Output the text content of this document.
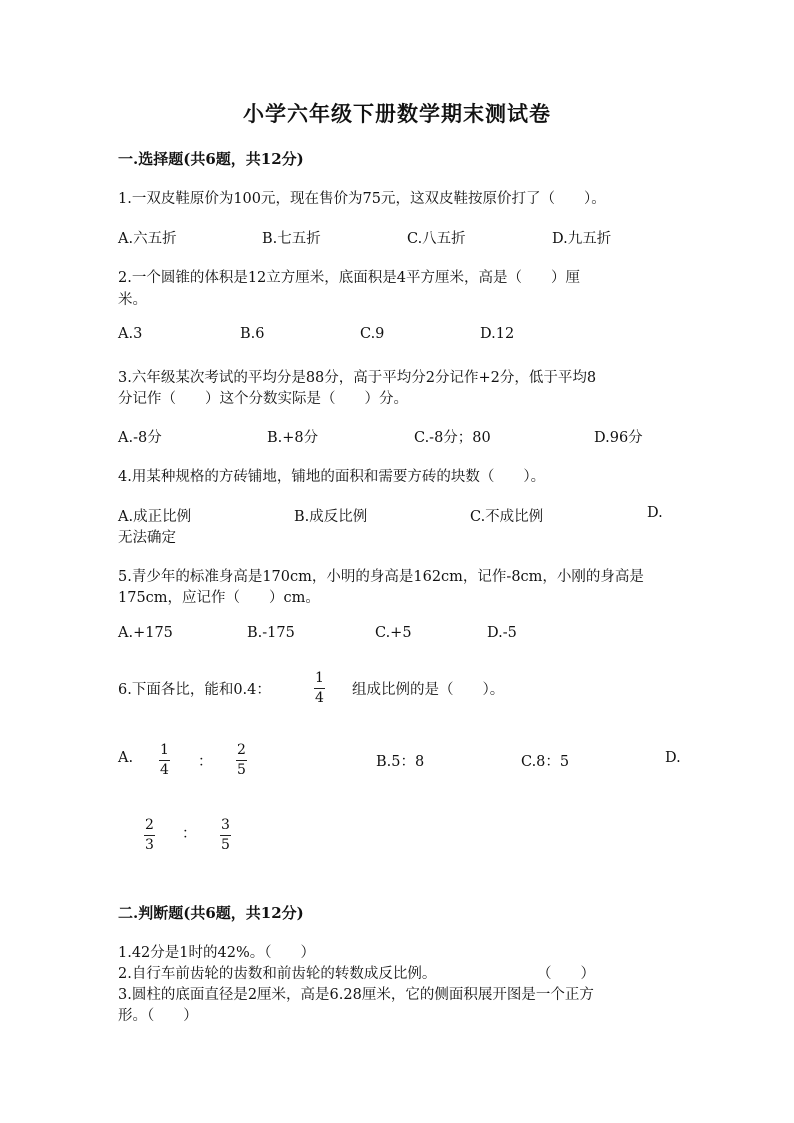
小学六年级下册数学期末测试卷
一.选择题(共6题，共12分)
1.一双皮鞋原价为100元，现在售价为75元，这双皮鞋按原价打了（　　）。
A.六五折	B.七五折	C.八五折	D.九五折
2.一个圆锥的体积是12立方厘米，底面积是4平方厘米，高是（　　）厘
米。
A.3	B.6	C.9	D.12
3.六年级某次考试的平均分是88分，高于平均分2分记作+2分，低于平均8
分记作（　　）这个分数实际是（　　）分。
A.-8分	B.+8分	C.-8分；80	D.96分
4.用某种规格的方砖铺地，铺地的面积和需要方砖的块数（　　）。
A.成正比例	B.成反比例	C.不成比例	D.
无法确定
5.青少年的标准身高是170cm，小明的身高是162cm，记作-8cm，小刚的身高是
175cm，应记作（　　）cm。
A.+175	B.-175	C.+5	D.-5
6.下面各比，能和0.4：
1
4 组成比例的是（　　）。
A. 1
4 ：
2
5	B.5：8	C.8：5	D.
2
3
：
3
5
二.判断题(共6题，共12分)
1.42分是1时的42%。（　　）
2.自行车前齿轮的齿数和前齿轮的转数成反比例。	（　　）
3.圆柱的底面直径是2厘米，高是6.28厘米，它的侧面积展开图是一个正方
形。（　　）
